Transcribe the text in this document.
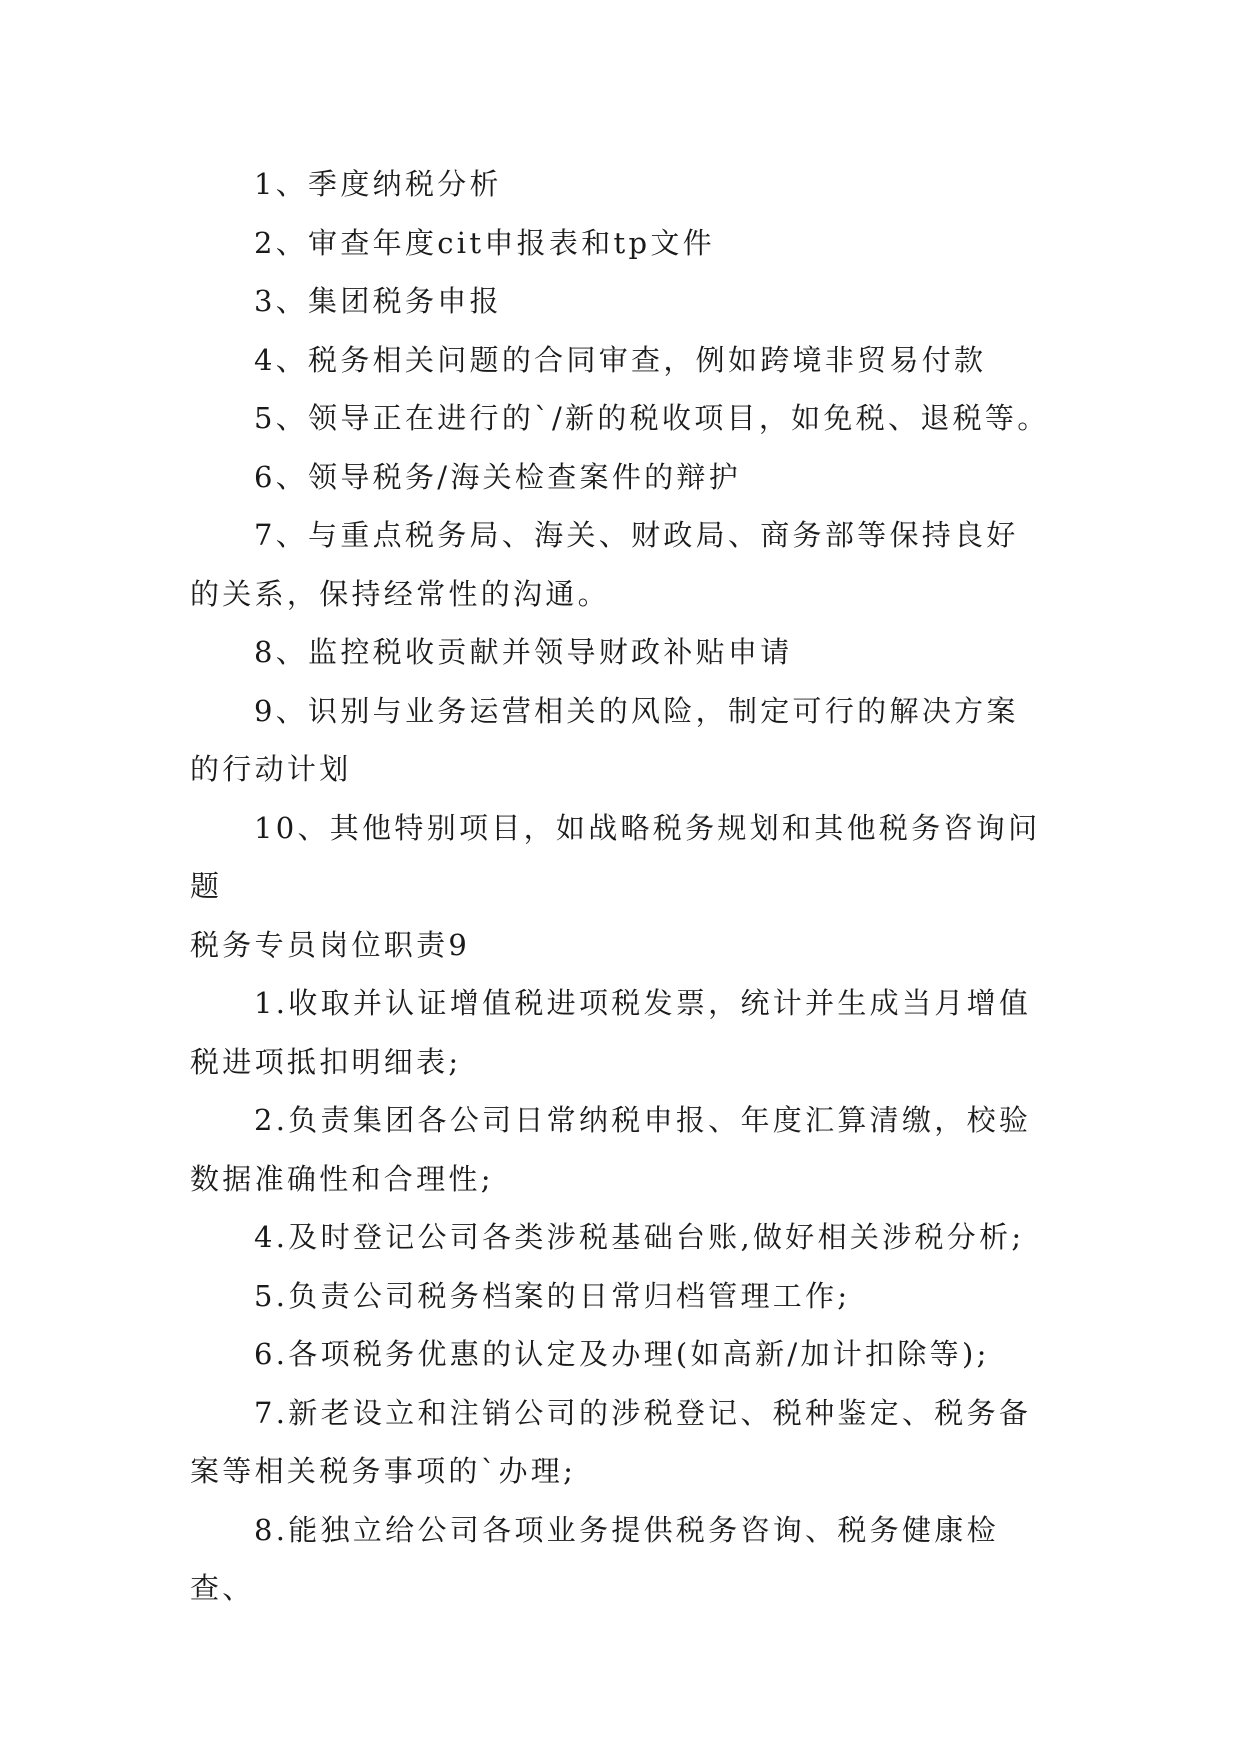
1、季度纳税分析

2、审查年度cit申报表和tp文件

3、集团税务申报

4、税务相关问题的合同审查，例如跨境非贸易付款

5、领导正在进行的`/新的税收项目，如免税、退税等。

6、领导税务/海关检查案件的辩护

7、与重点税务局、海关、财政局、商务部等保持良好的关系，保持经常性的沟通。

8、监控税收贡献并领导财政补贴申请

9、识别与业务运营相关的风险，制定可行的解决方案的行动计划

10、其他特别项目，如战略税务规划和其他税务咨询问题

税务专员岗位职责9

1.收取并认证增值税进项税发票，统计并生成当月增值税进项抵扣明细表;

2.负责集团各公司日常纳税申报、年度汇算清缴，校验数据准确性和合理性;

4.及时登记公司各类涉税基础台账,做好相关涉税分析;

5.负责公司税务档案的日常归档管理工作;

6.各项税务优惠的认定及办理(如高新/加计扣除等);

7.新老设立和注销公司的涉税登记、税种鉴定、税务备案等相关税务事项的`办理;

8.能独立给公司各项业务提供税务咨询、税务健康检查、
